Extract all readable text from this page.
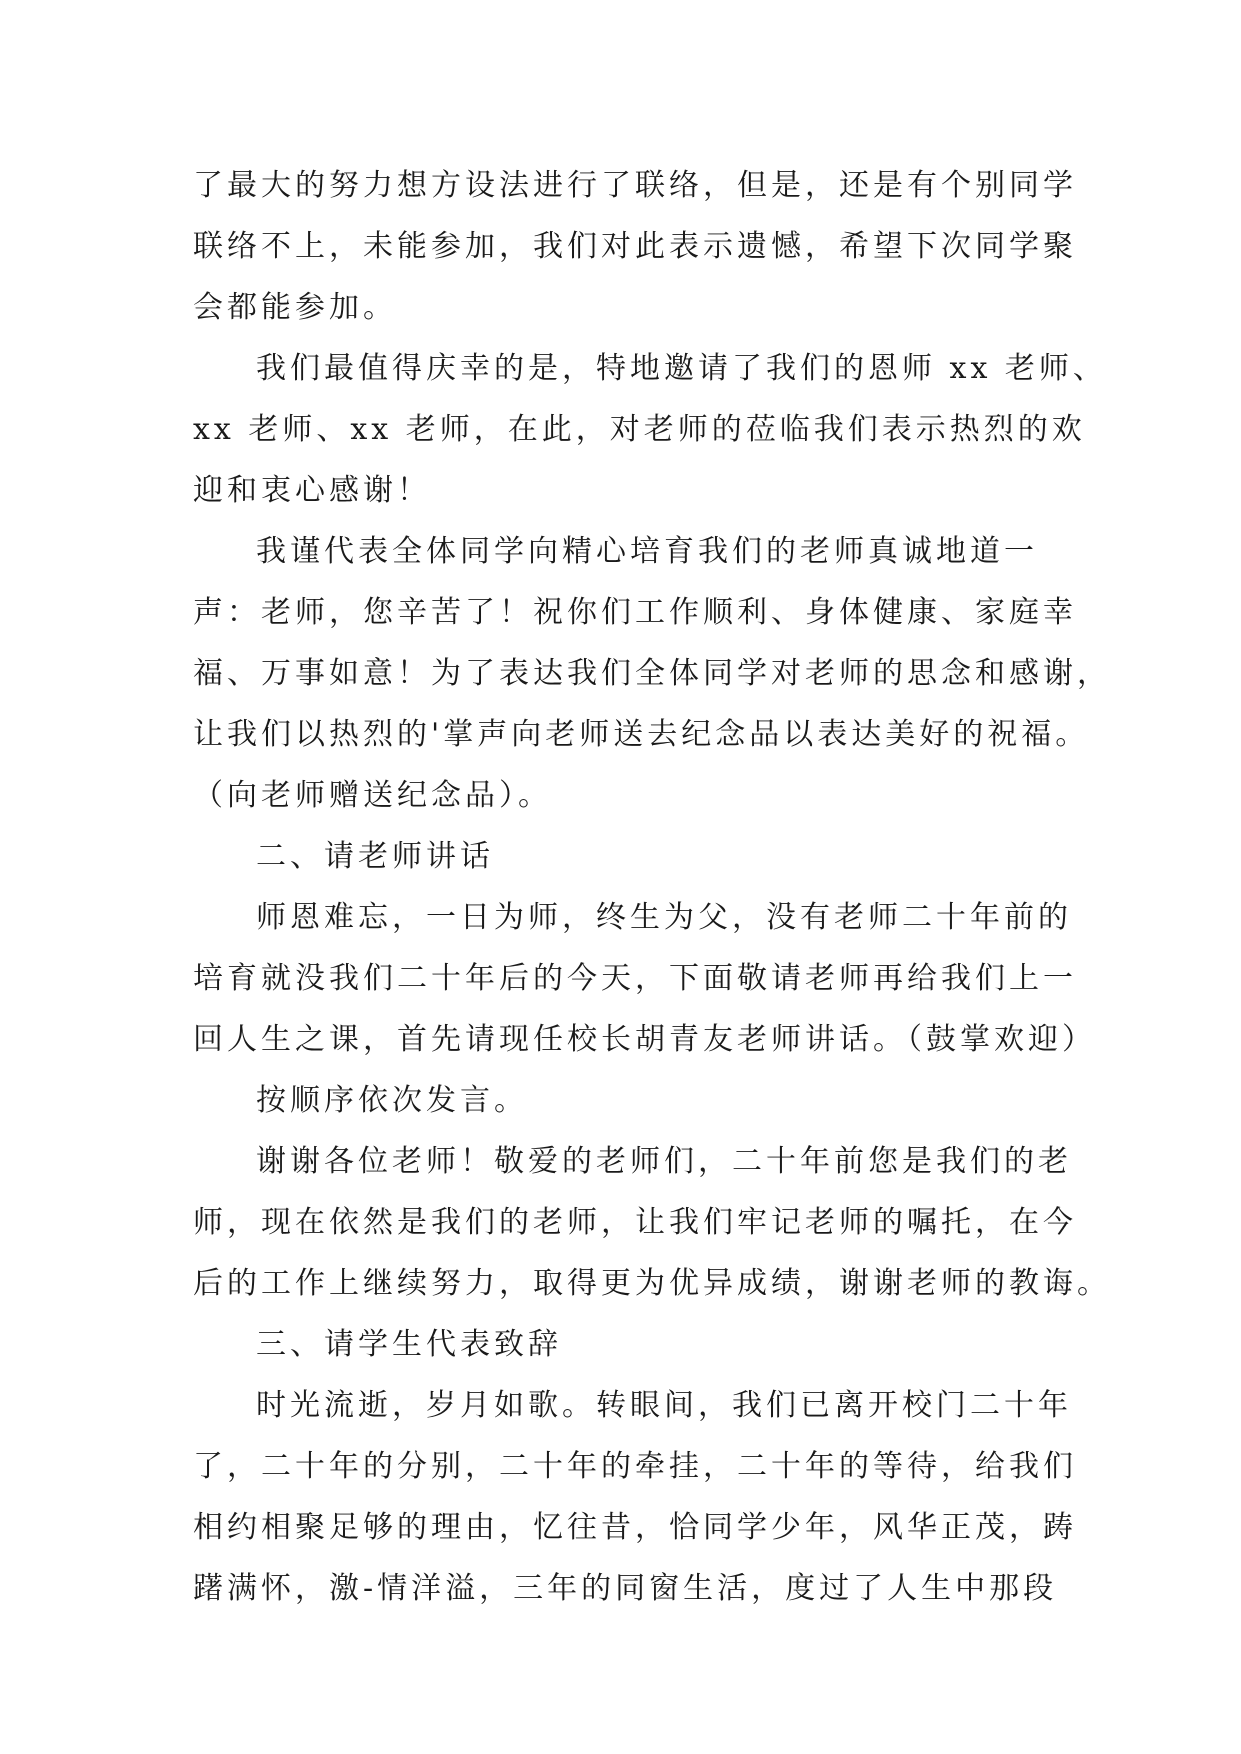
了最大的努力想方设法进行了联络，但是，还是有个别同学
联络不上，未能参加，我们对此表示遗憾，希望下次同学聚
会都能参加。
我们最值得庆幸的是，特地邀请了我们的恩师 xx 老师、
xx 老师、xx 老师，在此，对老师的莅临我们表示热烈的欢
迎和衷心感谢！
我谨代表全体同学向精心培育我们的老师真诚地道一
声：老师，您辛苦了！祝你们工作顺利、身体健康、家庭幸
福、万事如意！为了表达我们全体同学对老师的思念和感谢，
让我们以热烈的'掌声向老师送去纪念品以表达美好的祝福。
（向老师赠送纪念品）。
二、请老师讲话
师恩难忘，一日为师，终生为父，没有老师二十年前的
培育就没我们二十年后的今天，下面敬请老师再给我们上一
回人生之课，首先请现任校长胡青友老师讲话。（鼓掌欢迎）
按顺序依次发言。
谢谢各位老师！敬爱的老师们，二十年前您是我们的老
师，现在依然是我们的老师，让我们牢记老师的嘱托，在今
后的工作上继续努力，取得更为优异成绩，谢谢老师的教诲。
三、请学生代表致辞
时光流逝，岁月如歌。转眼间，我们已离开校门二十年
了，二十年的分别，二十年的牵挂，二十年的等待，给我们
相约相聚足够的理由，忆往昔，恰同学少年，风华正茂，踌
躇满怀，激-情洋溢，三年的同窗生活，度过了人生中那段
